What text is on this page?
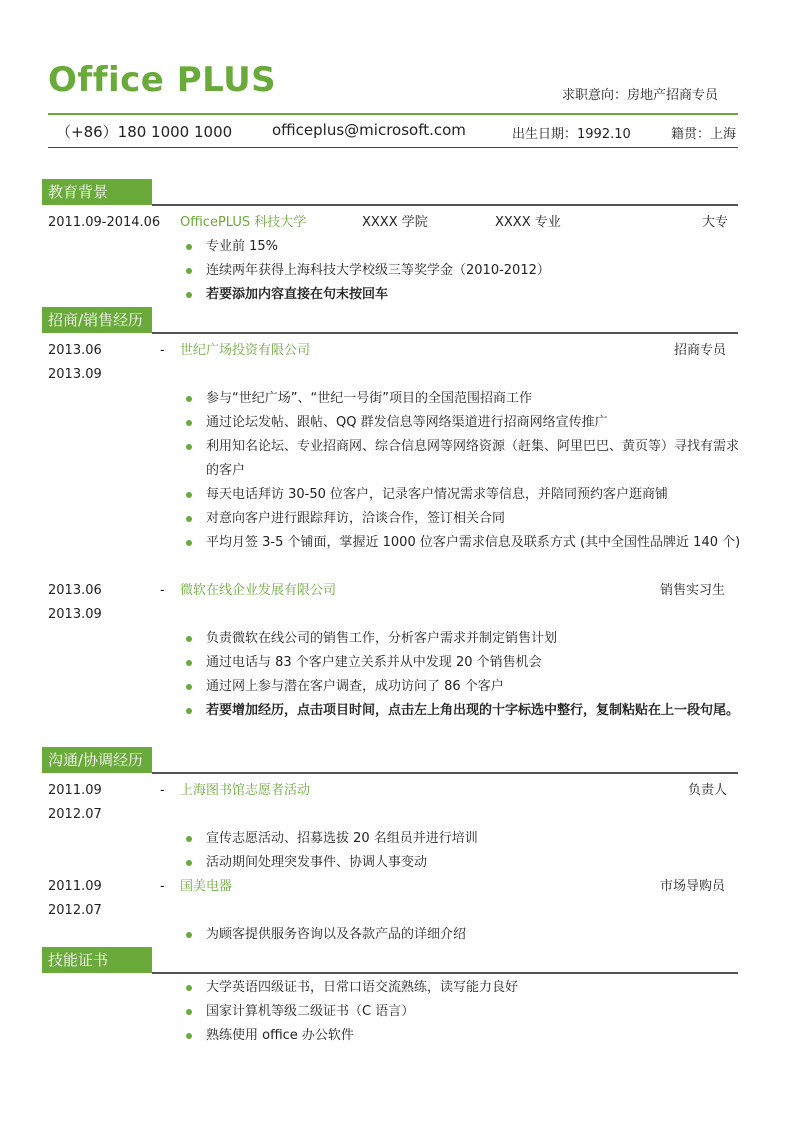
Office PLUS	求职意向：房地产招商专员
（+86）180 1000 1000	officeplus@microsoft.com	出生日期：1992.10	籍贯：上海
教育背景
2011.09-2014.06 OfficePLUS 科技大学	XXXX 学院	XXXX 专业	大专
专业前 15%
连续两年获得上海科技大学校级三等奖学金（2010-2012）
若要添加内容直接在句末按回车
招商/销售经历
2013.06	- 世纪广场投资有限公司	招商专员
2013.09
参与“世纪广场”、“世纪一号街”项目的全国范围招商工作
通过论坛发帖、跟帖、QQ 群发信息等网络渠道进行招商网络宣传推广
利用知名论坛、专业招商网、综合信息网等网络资源（赶集、阿里巴巴、黄页等）寻找有需求的客户
每天电话拜访 30-50 位客户，记录客户情况需求等信息，并陪同预约客户逛商铺
对意向客户进行跟踪拜访，洽谈合作，签订相关合同
平均月签 3-5 个铺面，掌握近 1000 位客户需求信息及联系方式 (其中全国性品牌近 140 个)
2013.06	- 微软在线企业发展有限公司	销售实习生
2013.09
负责微软在线公司的销售工作，分析客户需求并制定销售计划
通过电话与 83 个客户建立关系并从中发现 20 个销售机会
通过网上参与潜在客户调查，成功访问了 86 个客户
若要增加经历，点击项目时间，点击左上角出现的十字标选中整行，复制粘贴在上一段句尾。
沟通/协调经历
2011.09	- 上海图书馆志愿者活动	负责人
2012.07
宣传志愿活动、招募选拔 20 名组员并进行培训
活动期间处理突发事件、协调人事变动
2011.09	- 国美电器	市场导购员
2012.07
为顾客提供服务咨询以及各款产品的详细介绍
技能证书
大学英语四级证书，日常口语交流熟练，读写能力良好
国家计算机等级二级证书（C 语言）
熟练使用 office 办公软件
